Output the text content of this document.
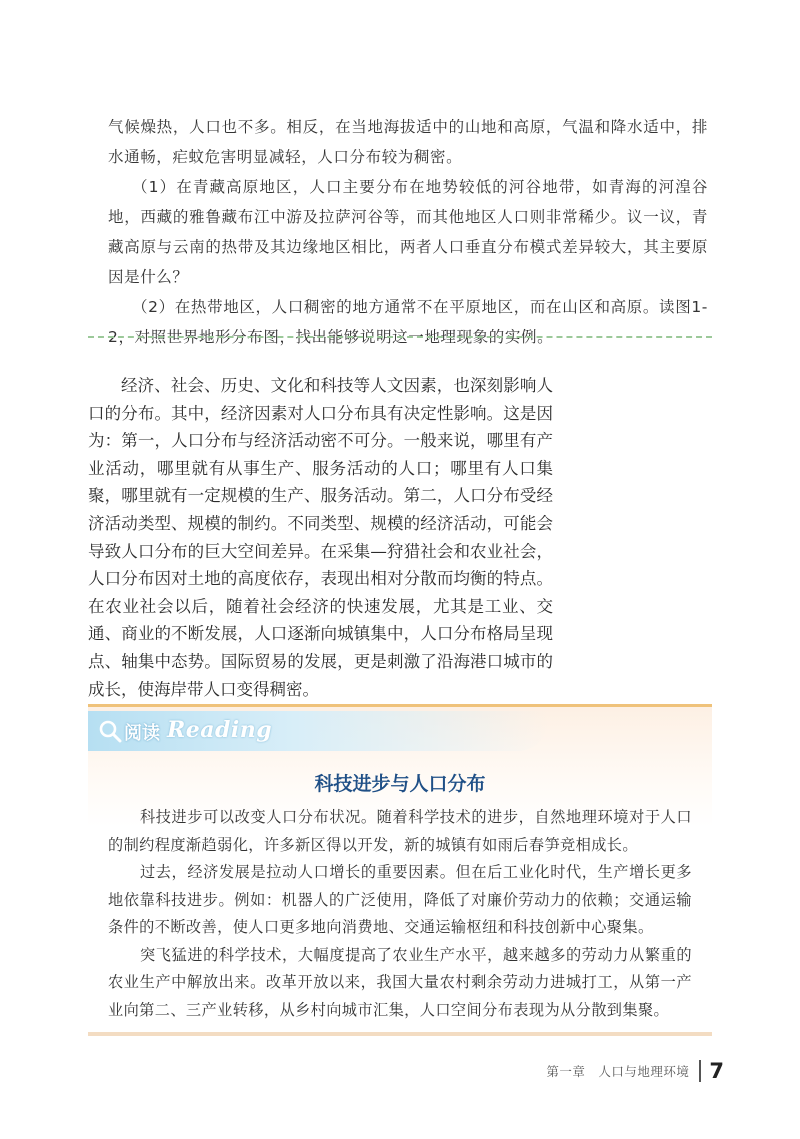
气候燥热，人口也不多。相反，在当地海拔适中的山地和高原，气温和降水适中，排水通畅，疟蚊危害明显减轻，人口分布较为稠密。

（1）在青藏高原地区，人口主要分布在地势较低的河谷地带，如青海的河湟谷地，西藏的雅鲁藏布江中游及拉萨河谷等，而其他地区人口则非常稀少。议一议，青藏高原与云南的热带及其边缘地区相比，两者人口垂直分布模式差异较大，其主要原因是什么？

（2）在热带地区，人口稠密的地方通常不在平原地区，而在山区和高原。读图1-2，对照世界地形分布图，找出能够说明这一地理现象的实例。

经济、社会、历史、文化和科技等人文因素，也深刻影响人口的分布。其中，经济因素对人口分布具有决定性影响。这是因为：第一，人口分布与经济活动密不可分。一般来说，哪里有产业活动，哪里就有从事生产、服务活动的人口；哪里有人口集聚，哪里就有一定规模的生产、服务活动。第二，人口分布受经济活动类型、规模的制约。不同类型、规模的经济活动，可能会导致人口分布的巨大空间差异。在采集—狩猎社会和农业社会，人口分布因对土地的高度依存，表现出相对分散而均衡的特点。在农业社会以后，随着社会经济的快速发展，尤其是工业、交通、商业的不断发展，人口逐渐向城镇集中，人口分布格局呈现点、轴集中态势。国际贸易的发展，更是刺激了沿海港口城市的成长，使海岸带人口变得稠密。

阅读 Reading
科技进步与人口分布

科技进步可以改变人口分布状况。随着科学技术的进步，自然地理环境对于人口的制约程度渐趋弱化，许多新区得以开发，新的城镇有如雨后春笋竞相成长。

过去，经济发展是拉动人口增长的重要因素。但在后工业化时代，生产增长更多地依靠科技进步。例如：机器人的广泛使用，降低了对廉价劳动力的依赖；交通运输条件的不断改善，使人口更多地向消费地、交通运输枢纽和科技创新中心聚集。

突飞猛进的科学技术，大幅度提高了农业生产水平，越来越多的劳动力从繁重的农业生产中解放出来。改革开放以来，我国大量农村剩余劳动力进城打工，从第一产业向第二、三产业转移，从乡村向城市汇集，人口空间分布表现为从分散到集聚。

第一章　人口与地理环境 7
